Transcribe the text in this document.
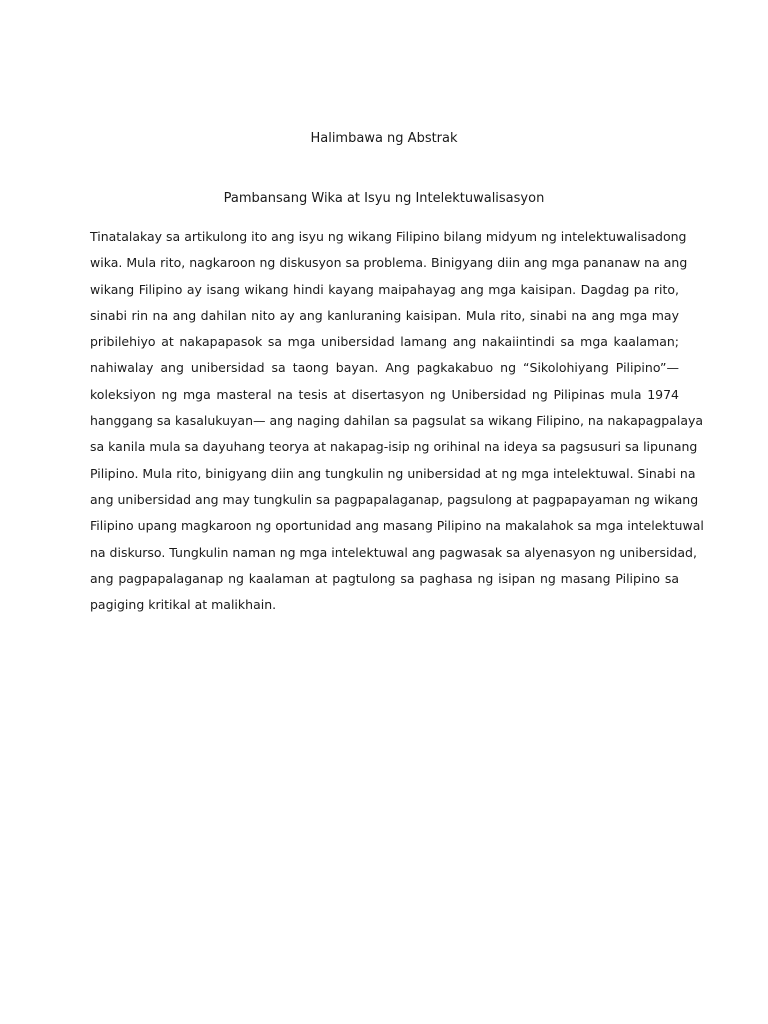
Halimbawa ng Abstrak
Pambansang Wika at Isyu ng Intelektuwalisasyon

Tinatalakay sa artikulong ito ang isyu ng wikang Filipino bilang midyum ng intelektuwalisadong
wika. Mula rito, nagkaroon ng diskusyon sa problema. Binigyang diin ang mga pananaw na ang
wikang Filipino ay isang wikang hindi kayang maipahayag ang mga kaisipan. Dagdag pa rito,
sinabi rin na ang dahilan nito ay ang kanluraning kaisipan. Mula rito, sinabi na ang mga may
pribilehiyo at nakapapasok sa mga unibersidad lamang ang nakaiintindi sa mga kaalaman;
nahiwalay ang unibersidad sa taong bayan. Ang pagkakabuo ng “Sikolohiyang Pilipino”—
koleksiyon ng mga masteral na tesis at disertasyon ng Unibersidad ng Pilipinas mula 1974
hanggang sa kasalukuyan— ang naging dahilan sa pagsulat sa wikang Filipino, na nakapagpalaya
sa kanila mula sa dayuhang teorya at nakapag-isip ng orihinal na ideya sa pagsusuri sa lipunang
Pilipino. Mula rito, binigyang diin ang tungkulin ng unibersidad at ng mga intelektuwal. Sinabi na
ang unibersidad ang may tungkulin sa pagpapalaganap, pagsulong at pagpapayaman ng wikang
Filipino upang magkaroon ng oportunidad ang masang Pilipino na makalahok sa mga intelektuwal
na diskurso. Tungkulin naman ng mga intelektuwal ang pagwasak sa alyenasyon ng unibersidad,
ang pagpapalaganap ng kaalaman at pagtulong sa paghasa ng isipan ng masang Pilipino sa
pagiging kritikal at malikhain.
